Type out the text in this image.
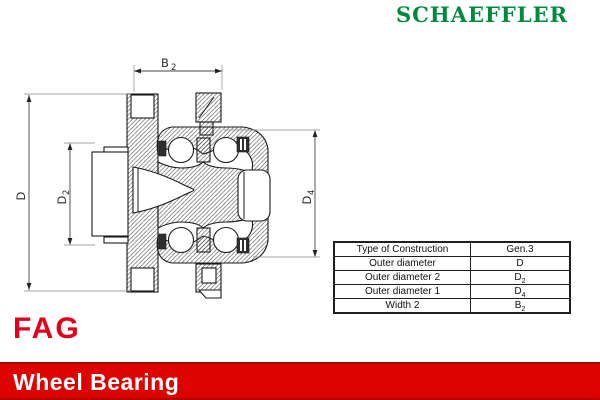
SCHAEFFLER
D D
2
D
4
B 2
Type of Construction	Gen.3
Outer diameter	D
Outer diameter 2	$D_2$
Outer diameter 1	$D_4$
Width 2	$B_2$
FAG
Wheel Bearing
